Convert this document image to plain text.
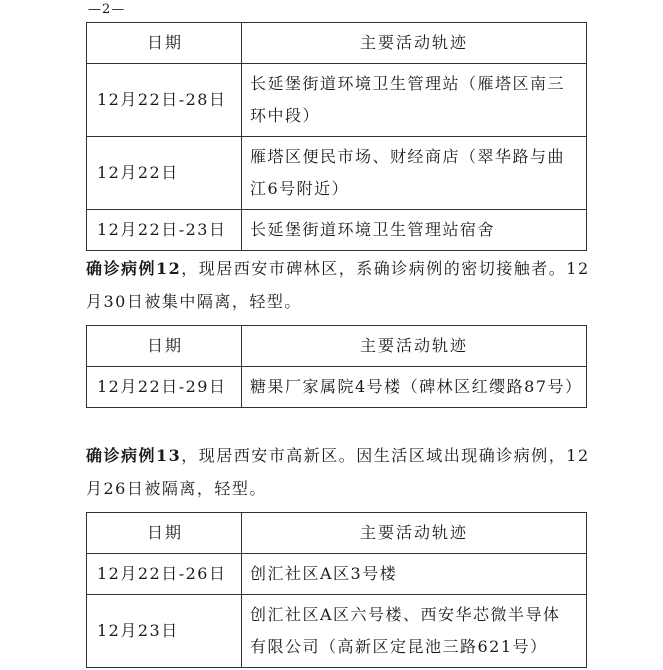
—2—
日期	主要活动轨迹
12月22日-28日	长延堡街道环境卫生管理站（雁塔区南三环中段）
12月22日	雁塔区便民市场、财经商店（翠华路与曲江6号附近）
12月22日-23日	长延堡街道环境卫生管理站宿舍
确诊病例12，现居西安市碑林区，系确诊病例的密切接触者。12月30日被集中隔离，轻型。
日期	主要活动轨迹
12月22日-29日	糖果厂家属院4号楼（碑林区红缨路87号）
确诊病例13，现居西安市高新区。因生活区域出现确诊病例，12月26日被隔离，轻型。
日期	主要活动轨迹
12月22日-26日	创汇社区A区3号楼
12月23日	创汇社区A区六号楼、西安华芯微半导体有限公司（高新区定昆池三路621号）
